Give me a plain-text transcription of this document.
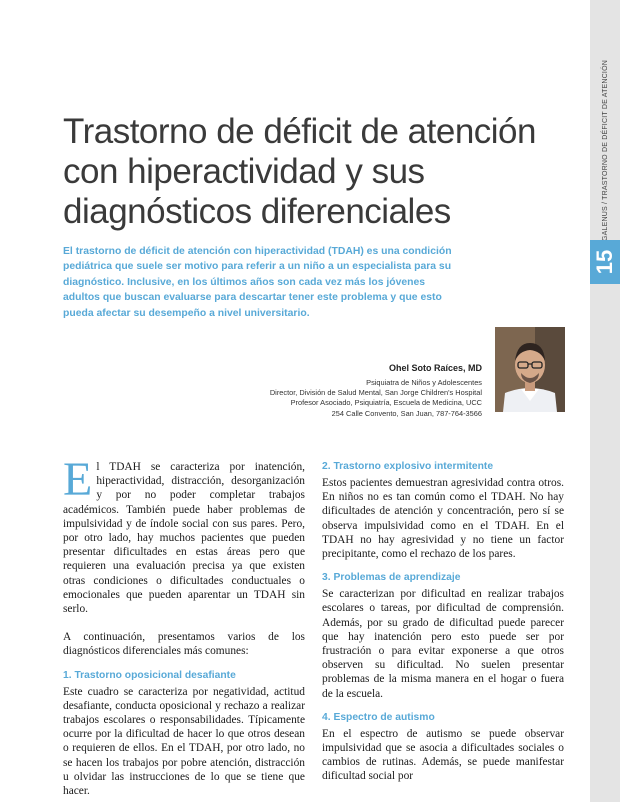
GALENUS / TRASTORNO DE DÉFICIT DE ATENCIÓN
15
Trastorno de déficit de atención con hiperactividad y sus diagnósticos diferenciales

El trastorno de déficit de atención con hiperactividad (TDAH) es una condición pediátrica que suele ser motivo para referir a un niño a un especialista para su diagnóstico. Inclusive, en los últimos años son cada vez más los jóvenes adultos que buscan evaluarse para descartar tener este problema y que esto pueda afectar su desempeño a nivel universitario.

Ohel Soto Raíces, MD

Psiquiatra de Niños y Adolescentes

Director, División de Salud Mental, San Jorge Children's Hospital

Profesor Asociado, Psiquiatría, Escuela de Medicina, UCC

254 Calle Convento, San Juan, 787-764-3566

El TDAH se caracteriza por inatención, hiperactividad, distracción, desorganización y por no poder completar trabajos académicos. También puede haber problemas de impulsividad y de índole social con sus pares. Pero, por otro lado, hay muchos pacientes que pueden presentar dificultades en estas áreas pero que requieren una evaluación precisa ya que existen otras condiciones o dificultades conductuales o emocionales que pueden aparentar un TDAH sin serlo.

A continuación, presentamos varios de los diagnósticos diferenciales más comunes:

1. Trastorno oposicional desafiante

Este cuadro se caracteriza por negatividad, actitud desafiante, conducta oposicional y rechazo a realizar trabajos escolares o responsabilidades. Típicamente ocurre por la dificultad de hacer lo que otros desean o requieren de ellos. En el TDAH, por otro lado, no se hacen los trabajos por pobre atención, distracción u olvidar las instrucciones de lo que se tiene que hacer.

2. Trastorno explosivo intermitente

Estos pacientes demuestran agresividad contra otros. En niños no es tan común como el TDAH. No hay dificultades de atención y concentración, pero sí se observa impulsividad como en el TDAH. En el TDAH no hay agresividad y no tiene un factor precipitante, como el rechazo de los pares.

3. Problemas de aprendizaje

Se caracterizan por dificultad en realizar trabajos escolares o tareas, por dificultad de comprensión. Además, por su grado de dificultad puede parecer que hay inatención pero esto puede ser por frustración o para evitar exponerse a que otros observen su dificultad. No suelen presentar problemas de la misma manera en el hogar o fuera de la escuela.

4. Espectro de autismo

En el espectro de autismo se puede observar impulsividad que se asocia a dificultades sociales o cambios de rutinas. Además, se puede manifestar dificultad social por
